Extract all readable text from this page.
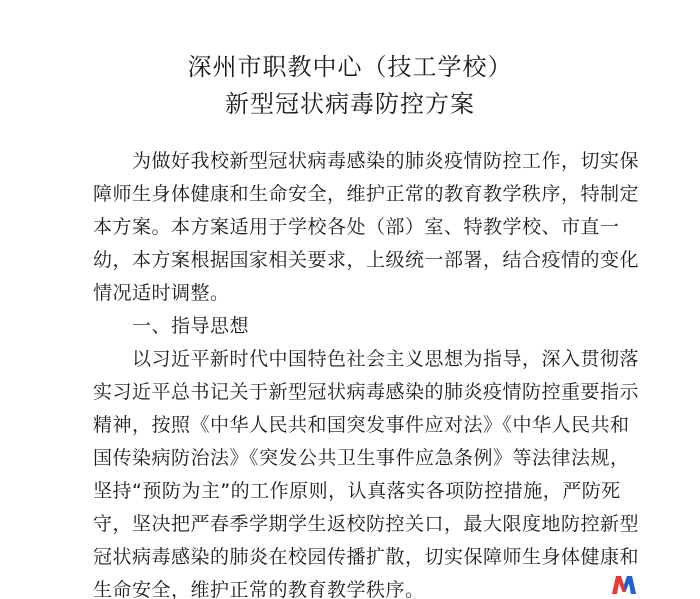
深州市职教中心（技工学校）
新型冠状病毒防控方案
　　为做好我校新型冠状病毒感染的肺炎疫情防控工作，切实保
障师生身体健康和生命安全，维护正常的教育教学秩序，特制定
本方案。本方案适用于学校各处（部）室、特教学校、市直一
幼，本方案根据国家相关要求，上级统一部署，结合疫情的变化
情况适时调整。
　　一、指导思想
　　以习近平新时代中国特色社会主义思想为指导，深入贯彻落
实习近平总书记关于新型冠状病毒感染的肺炎疫情防控重要指示
精神，按照《中华人民共和国突发事件应对法》《中华人民共和
国传染病防治法》《突发公共卫生事件应急条例》等法律法规，
坚持“预防为主”的工作原则，认真落实各项防控措施，严防死
守，坚决把严春季学期学生返校防控关口，最大限度地防控新型
冠状病毒感染的肺炎在校园传播扩散，切实保障师生身体健康和
生命安全，维护正常的教育教学秩序。
